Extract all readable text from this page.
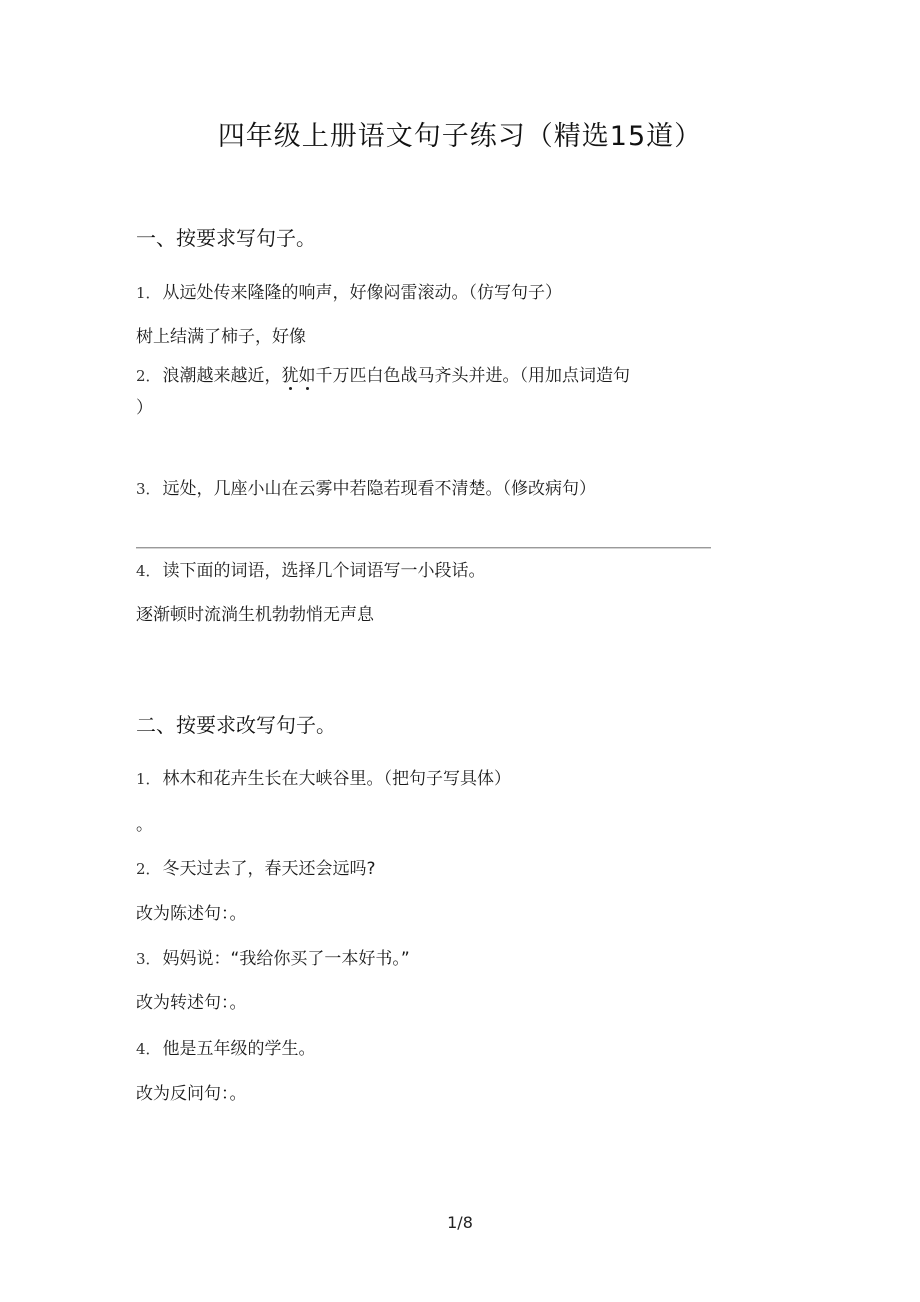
四年级上册语文句子练习（精选15道）
一、按要求写句子。
1． 从远处传来隆隆的响声，好像闷雷滚动。（仿写句子）
树上结满了柿子，好像
2． 浪潮越来越近，犹如千万匹白色战马齐头并进。（用加点词造句
）
3． 远处，几座小山在云雾中若隐若现看不清楚。（修改病句）
4． 读下面的词语，选择几个词语写一小段话。
逐渐顿时流淌生机勃勃悄无声息
二、按要求改写句子。
1． 林木和花卉生长在大峡谷里。（把句子写具体）
。
2． 冬天过去了，春天还会远吗?
改为陈述句：。
3． 妈妈说：“我给你买了一本好书。”
改为转述句：。
4． 他是五年级的学生。
改为反问句：。
1/8
